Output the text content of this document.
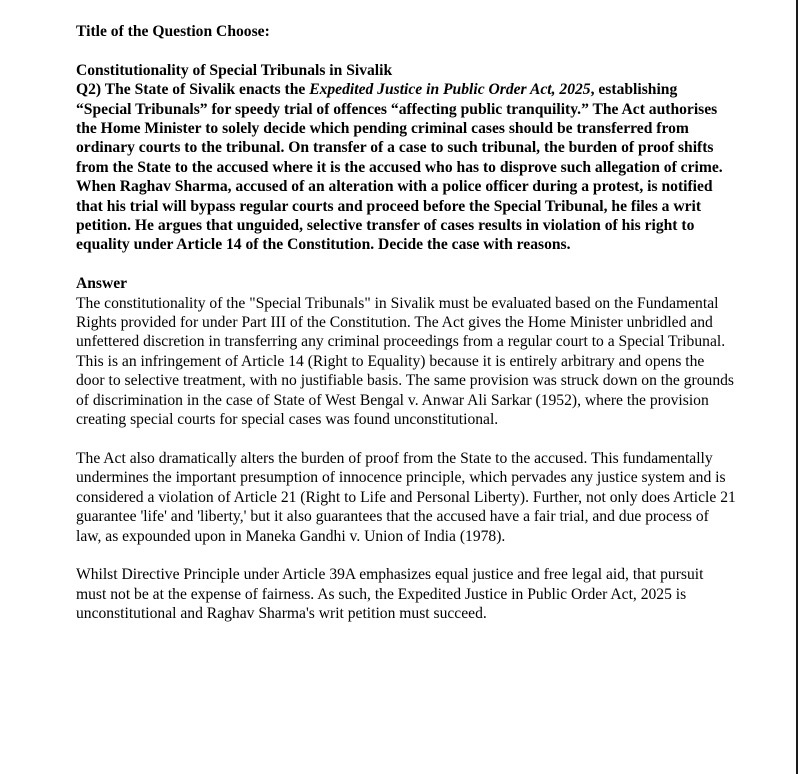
Title of the Question Choose:

Constitutionality of Special Tribunals in Sivalik

Q2) The State of Sivalik enacts the Expedited Justice in Public Order Act, 2025, establishing “Special Tribunals” for speedy trial of offences “affecting public tranquility.” The Act authorises the Home Minister to solely decide which pending criminal cases should be transferred from ordinary courts to the tribunal. On transfer of a case to such tribunal, the burden of proof shifts from the State to the accused where it is the accused who has to disprove such allegation of crime. When Raghav Sharma, accused of an alteration with a police officer during a protest, is notified that his trial will bypass regular courts and proceed before the Special Tribunal, he files a writ petition. He argues that unguided, selective transfer of cases results in violation of his right to equality under Article 14 of the Constitution. Decide the case with reasons.

Answer

The constitutionality of the "Special Tribunals" in Sivalik must be evaluated based on the Fundamental Rights provided for under Part III of the Constitution. The Act gives the Home Minister unbridled and unfettered discretion in transferring any criminal proceedings from a regular court to a Special Tribunal. This is an infringement of Article 14 (Right to Equality) because it is entirely arbitrary and opens the door to selective treatment, with no justifiable basis. The same provision was struck down on the grounds of discrimination in the case of State of West Bengal v. Anwar Ali Sarkar (1952), where the provision creating special courts for special cases was found unconstitutional.

The Act also dramatically alters the burden of proof from the State to the accused. This fundamentally undermines the important presumption of innocence principle, which pervades any justice system and is considered a violation of Article 21 (Right to Life and Personal Liberty). Further, not only does Article 21 guarantee 'life' and 'liberty,' but it also guarantees that the accused have a fair trial, and due process of law, as expounded upon in Maneka Gandhi v. Union of India (1978).

Whilst Directive Principle under Article 39A emphasizes equal justice and free legal aid, that pursuit must not be at the expense of fairness. As such, the Expedited Justice in Public Order Act, 2025 is unconstitutional and Raghav Sharma's writ petition must succeed.
